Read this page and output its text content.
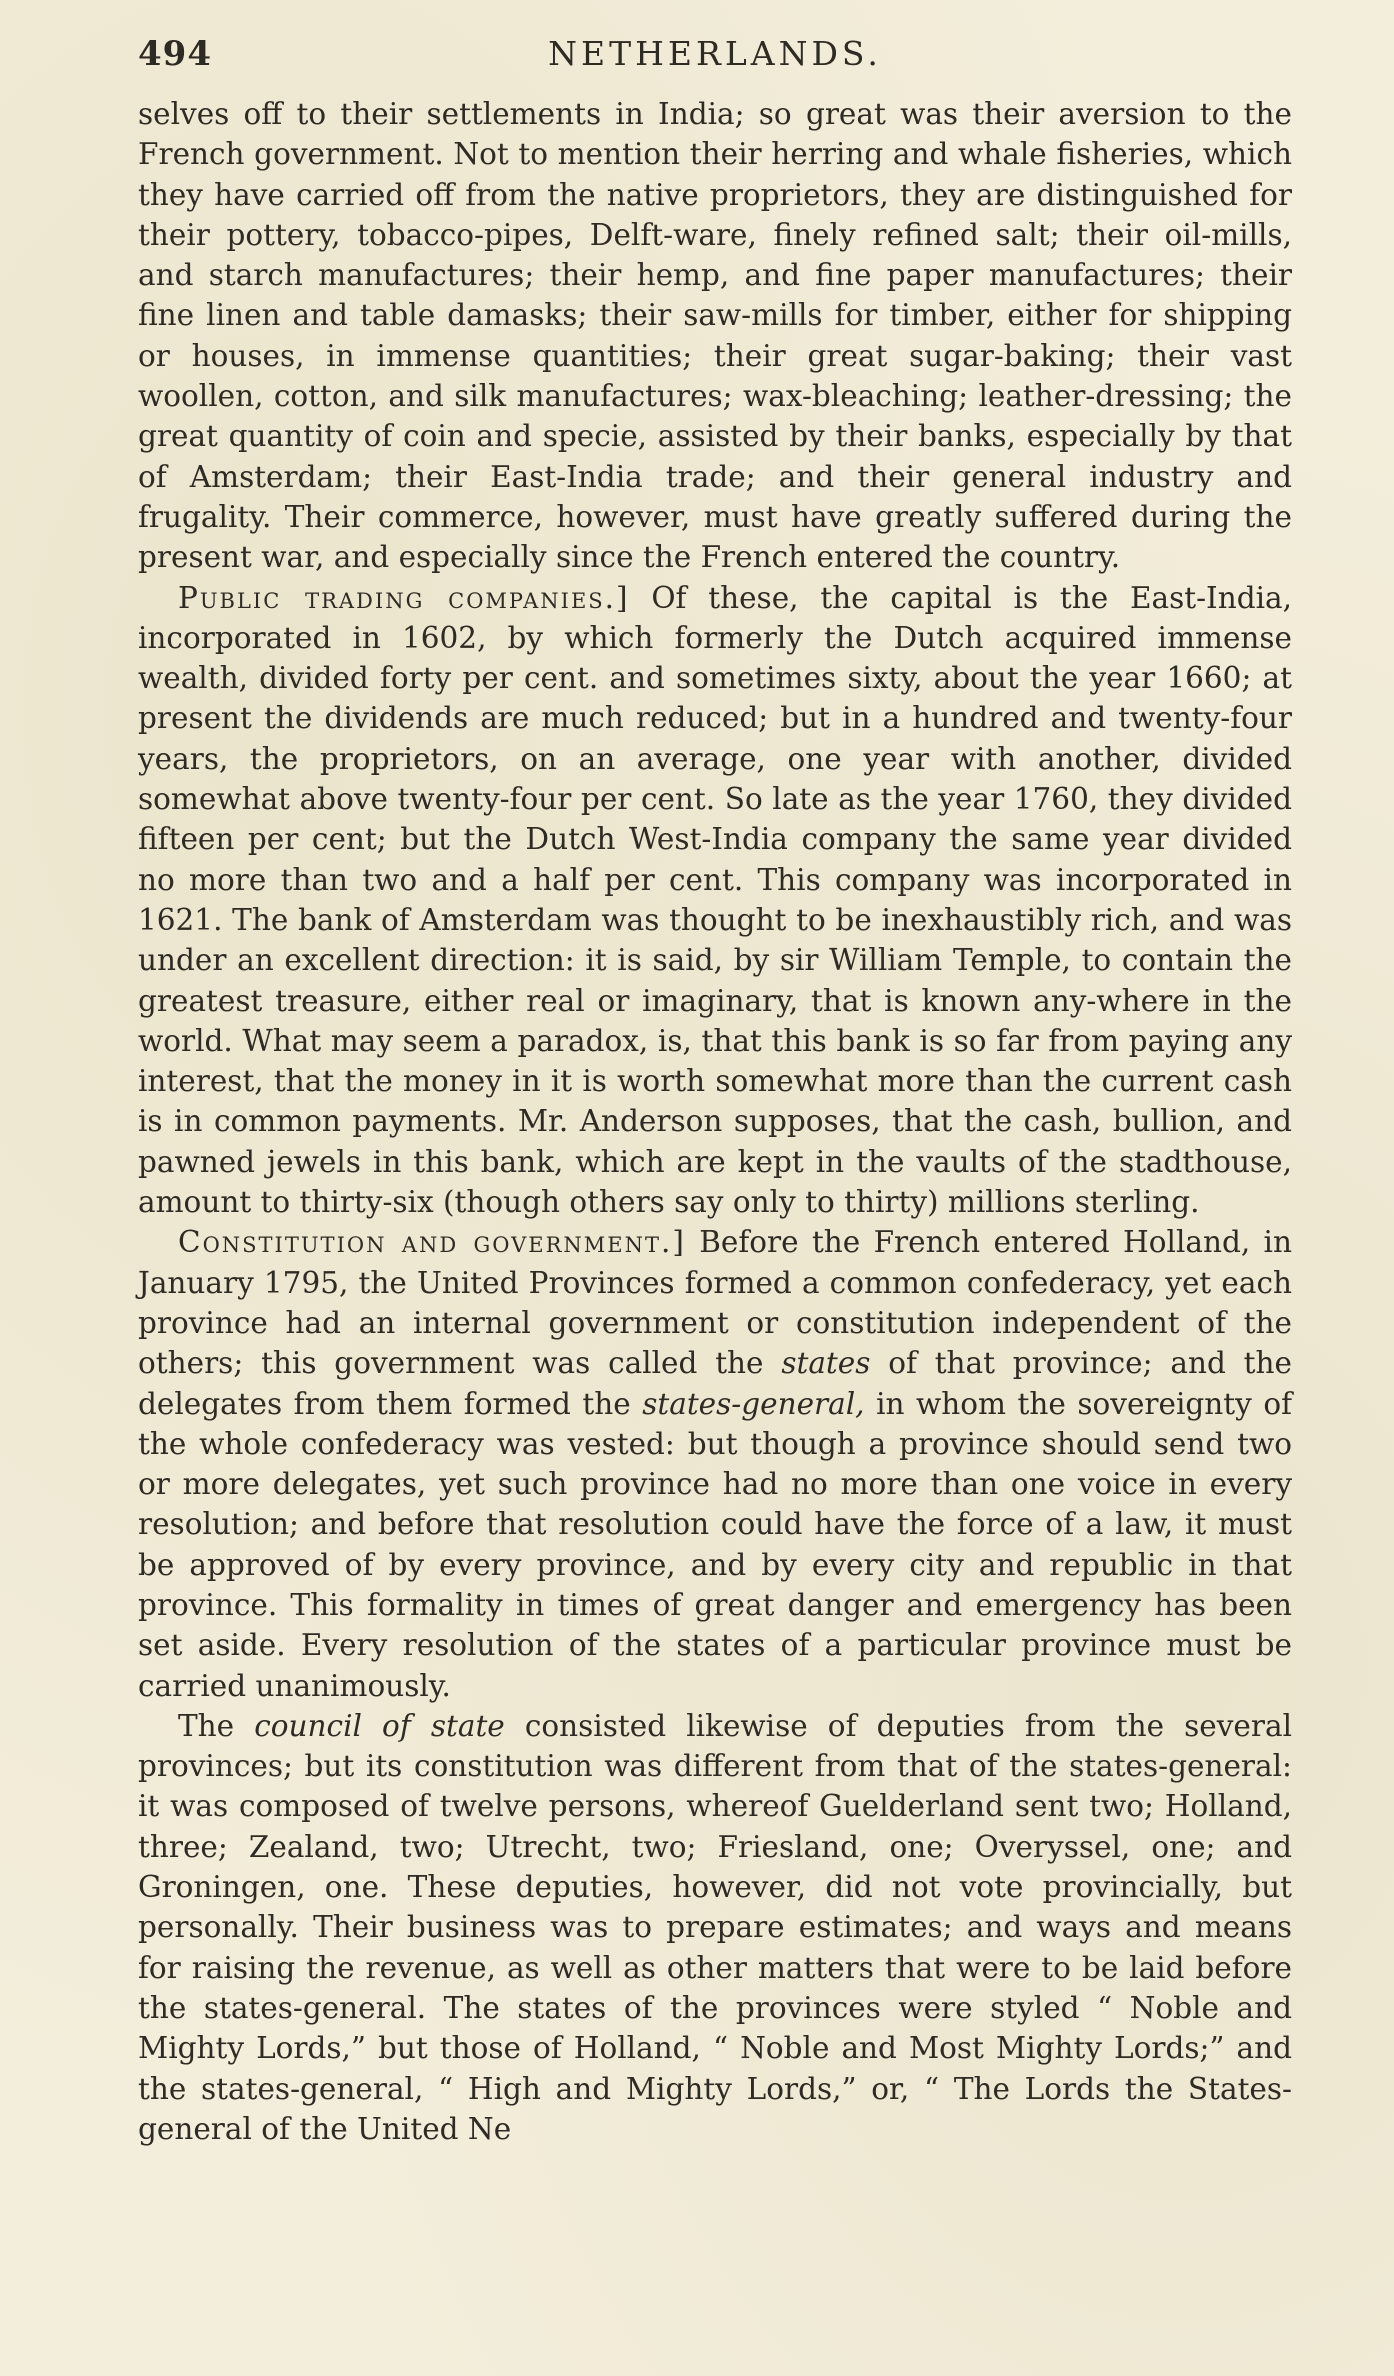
494	NETHERLANDS.

selves off to their settlements in India; so great was their aversion to the French government. Not to mention their herring and whale fisheries, which they have carried off from the native proprietors, they are distinguished for their pottery, tobacco-pipes, Delft-ware, finely refined salt; their oil-mills, and starch manufactures; their hemp, and fine paper manufactures; their fine linen and table damasks; their saw-mills for timber, either for shipping or houses, in immense quantities; their great sugar-baking; their vast woollen, cotton, and silk manufactures; wax-bleaching; leather-dressing; the great quantity of coin and specie, assisted by their banks, especially by that of Amsterdam; their East-India trade; and their general industry and frugality. Their commerce, however, must have greatly suffered during the present war, and especially since the French entered the country.

Public trading companies.] Of these, the capital is the East-India, incorporated in 1602, by which formerly the Dutch acquired immense wealth, divided forty per cent. and sometimes sixty, about the year 1660; at present the dividends are much reduced; but in a hundred and twenty-four years, the proprietors, on an average, one year with another, divided somewhat above twenty-four per cent. So late as the year 1760, they divided fifteen per cent; but the Dutch West-India company the same year divided no more than two and a half per cent. This company was incorporated in 1621. The bank of Amsterdam was thought to be inexhaustibly rich, and was under an excellent direction: it is said, by sir William Temple, to contain the greatest treasure, either real or imaginary, that is known any-where in the world. What may seem a paradox, is, that this bank is so far from paying any interest, that the money in it is worth somewhat more than the current cash is in common payments. Mr. Anderson supposes, that the cash, bullion, and pawned jewels in this bank, which are kept in the vaults of the stadthouse, amount to thirty-six (though others say only to thirty) millions sterling.

Constitution and government.] Before the French entered Holland, in January 1795, the United Provinces formed a common confederacy, yet each province had an internal government or constitution independent of the others; this government was called the states of that province; and the delegates from them formed the states-general, in whom the sovereignty of the whole confederacy was vested: but though a province should send two or more delegates, yet such province had no more than one voice in every resolution; and before that resolution could have the force of a law, it must be approved of by every province, and by every city and republic in that province. This formality in times of great danger and emergency has been set aside. Every resolution of the states of a particular province must be carried unanimously.

The council of state consisted likewise of deputies from the several provinces; but its constitution was different from that of the states-general: it was composed of twelve persons, whereof Guelderland sent two; Holland, three; Zealand, two; Utrecht, two; Friesland, one; Overyssel, one; and Groningen, one. These deputies, however, did not vote provincially, but personally. Their business was to prepare estimates; and ways and means for raising the revenue, as well as other matters that were to be laid before the states-general. The states of the provinces were styled “ Noble and Mighty Lords,” but those of Holland, “ Noble and Most Mighty Lords;” and the states-general, “ High and Mighty Lords,” or, “ The Lords the States-general of the United Ne
